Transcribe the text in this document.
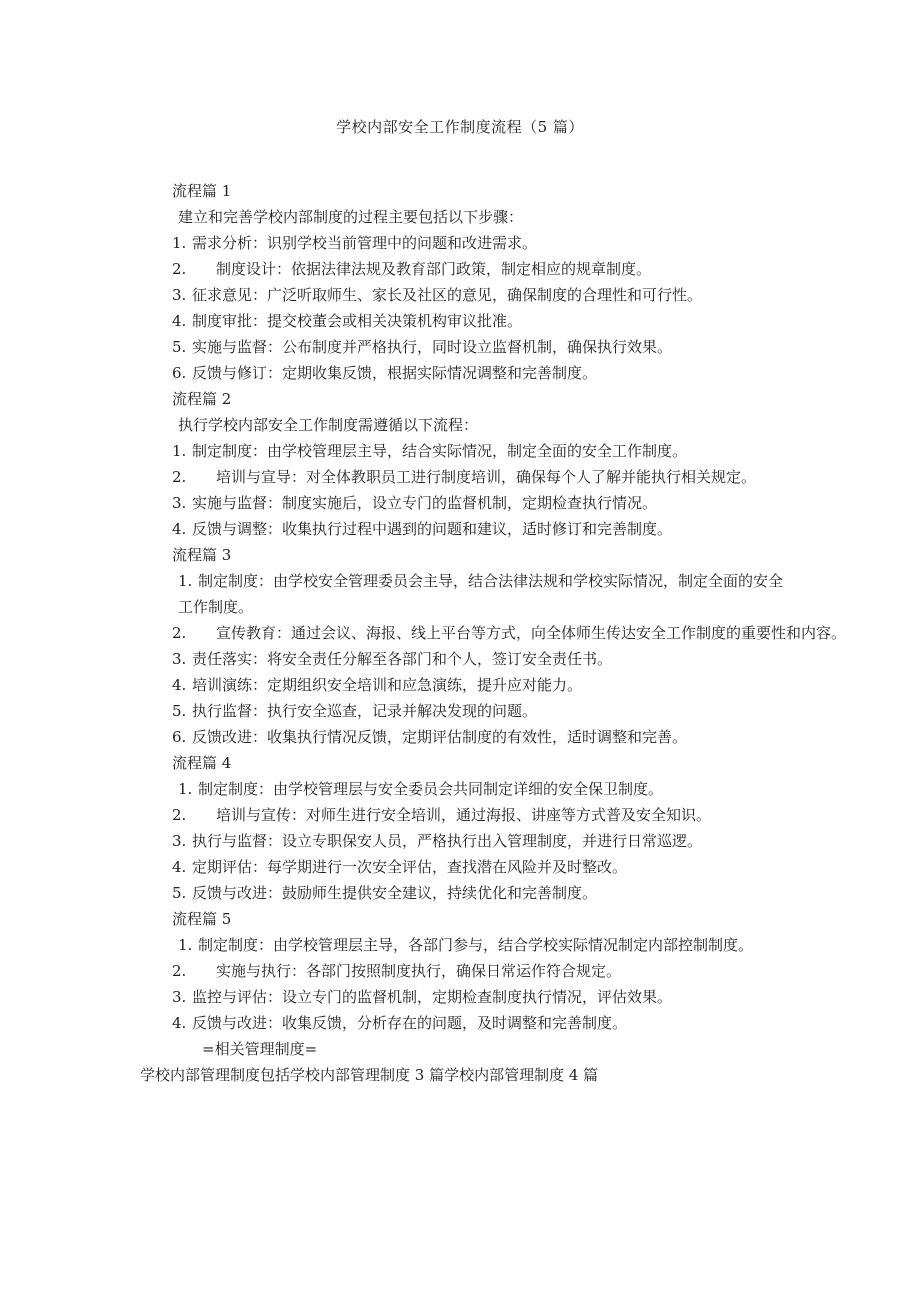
学校内部安全工作制度流程（5 篇）
流程篇 1
建立和完善学校内部制度的过程主要包括以下步骤：
1. 需求分析：识别学校当前管理中的问题和改进需求。
2. 制度设计：依据法律法规及教育部门政策，制定相应的规章制度。
3. 征求意见：广泛听取师生、家长及社区的意见，确保制度的合理性和可行性。
4. 制度审批：提交校董会或相关决策机构审议批准。
5. 实施与监督：公布制度并严格执行，同时设立监督机制，确保执行效果。
6. 反馈与修订：定期收集反馈，根据实际情况调整和完善制度。
流程篇 2
执行学校内部安全工作制度需遵循以下流程：
1. 制定制度：由学校管理层主导，结合实际情况，制定全面的安全工作制度。
2. 培训与宣导：对全体教职员工进行制度培训，确保每个人了解并能执行相关规定。
3. 实施与监督：制度实施后，设立专门的监督机制，定期检查执行情况。
4. 反馈与调整：收集执行过程中遇到的问题和建议，适时修订和完善制度。
流程篇 3
1. 制定制度：由学校安全管理委员会主导，结合法律法规和学校实际情况，制定全面的安全工作制度。
2. 宣传教育：通过会议、海报、线上平台等方式，向全体师生传达安全工作制度的重要性和内容。
3. 责任落实：将安全责任分解至各部门和个人，签订安全责任书。
4. 培训演练：定期组织安全培训和应急演练，提升应对能力。
5. 执行监督：执行安全巡查，记录并解决发现的问题。
6. 反馈改进：收集执行情况反馈，定期评估制度的有效性，适时调整和完善。
流程篇 4
1. 制定制度：由学校管理层与安全委员会共同制定详细的安全保卫制度。
2. 培训与宣传：对师生进行安全培训，通过海报、讲座等方式普及安全知识。
3. 执行与监督：设立专职保安人员，严格执行出入管理制度，并进行日常巡逻。
4. 定期评估：每学期进行一次安全评估，查找潜在风险并及时整改。
5. 反馈与改进：鼓励师生提供安全建议，持续优化和完善制度。
流程篇 5
1. 制定制度：由学校管理层主导，各部门参与，结合学校实际情况制定内部控制制度。
2. 实施与执行：各部门按照制度执行，确保日常运作符合规定。
3. 监控与评估：设立专门的监督机制，定期检查制度执行情况，评估效果。
4. 反馈与改进：收集反馈，分析存在的问题，及时调整和完善制度。
=相关管理制度=
学校内部管理制度包括学校内部管理制度 3 篇学校内部管理制度 4 篇
